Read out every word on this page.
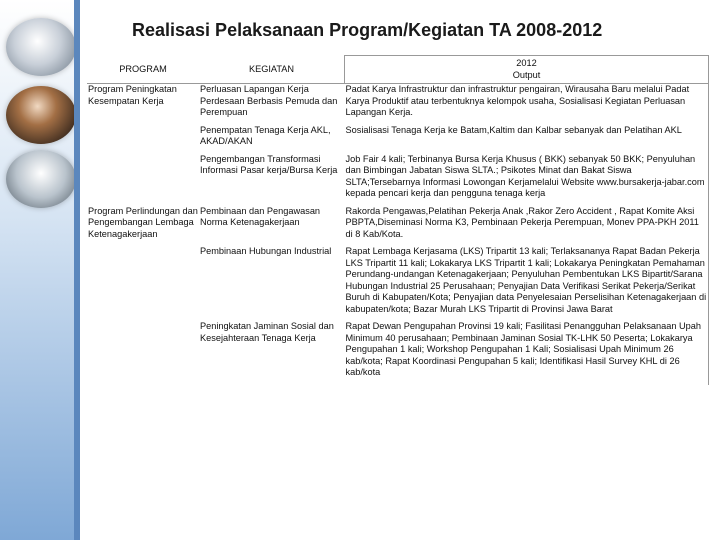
Realisasi Pelaksanaan Program/Kegiatan TA 2008-2012
PROGRAM	KEGIATAN	2012
Output

Program Peningkatan Kesempatan Kerja	Perluasan Lapangan Kerja Perdesaan Berbasis Pemuda dan Perempuan	Padat Karya Infrastruktur dan infrastruktur pengairan, Wirausaha Baru melalui Padat Karya Produktif atau terbentuknya kelompok usaha, Sosialisasi Kegiatan Perluasan Lapangan Kerja.
	Penempatan Tenaga Kerja AKL, AKAD/AKAN	Sosialisasi Tenaga Kerja ke Batam,Kaltim dan Kalbar sebanyak dan Pelatihan AKL
	Pengembangan Transformasi Informasi Pasar kerja/Bursa Kerja	Job Fair 4 kali; Terbinanya Bursa Kerja Khusus ( BKK) sebanyak 50 BKK; Penyuluhan dan Bimbingan Jabatan Siswa SLTA.; Psikotes Minat dan Bakat Siswa SLTA;Tersebarnya Informasi Lowongan Kerjamelalui Website www.bursakerja-jabar.com kepada pencari kerja dan pengguna tenaga kerja
Program Perlindungan dan Pengembangan Lembaga Ketenagakerjaan	Pembinaan dan Pengawasan Norma Ketenagakerjaan	Rakorda Pengawas,Pelatihan Pekerja Anak ,Rakor Zero Accident , Rapat Komite Aksi PBPTA,Diseminasi Norma K3, Pembinaan Pekerja Perempuan, Monev PPA-PKH 2011 di 8 Kab/Kota.
	Pembinaan Hubungan Industrial	Rapat Lembaga Kerjasama (LKS) Tripartit 13 kali; Terlaksananya Rapat Badan Pekerja LKS Tripartit 11 kali; Lokakarya LKS Tripartit 1 kali; Lokakarya Peningkatan Pemahaman Perundang-undangan Ketenagakerjaan; Penyuluhan Pembentukan LKS Bipartit/Sarana Hubungan Industrial 25 Perusahaan; Penyajian Data Verifikasi Serikat Pekerja/Serikat Buruh di Kabupaten/Kota; Penyajian data Penyelesaian Perselisihan Ketenagakerjaan di kabupaten/kota; Bazar Murah LKS Tripartit di Provinsi Jawa Barat
	Peningkatan Jaminan Sosial dan Kesejahteraan Tenaga Kerja	Rapat Dewan Pengupahan Provinsi 19 kali; Fasilitasi Penangguhan Pelaksanaan Upah Minimum 40 perusahaan; Pembinaan Jaminan Sosial TK-LHK 50 Peserta; Lokakarya Pengupahan 1 kali; Workshop Pengupahan 1 Kali; Sosialisasi Upah Minimum 26 kab/kota; Rapat Koordinasi Pengupahan 5 kali; Identifikasi Hasil Survey KHL di 26 kab/kota
